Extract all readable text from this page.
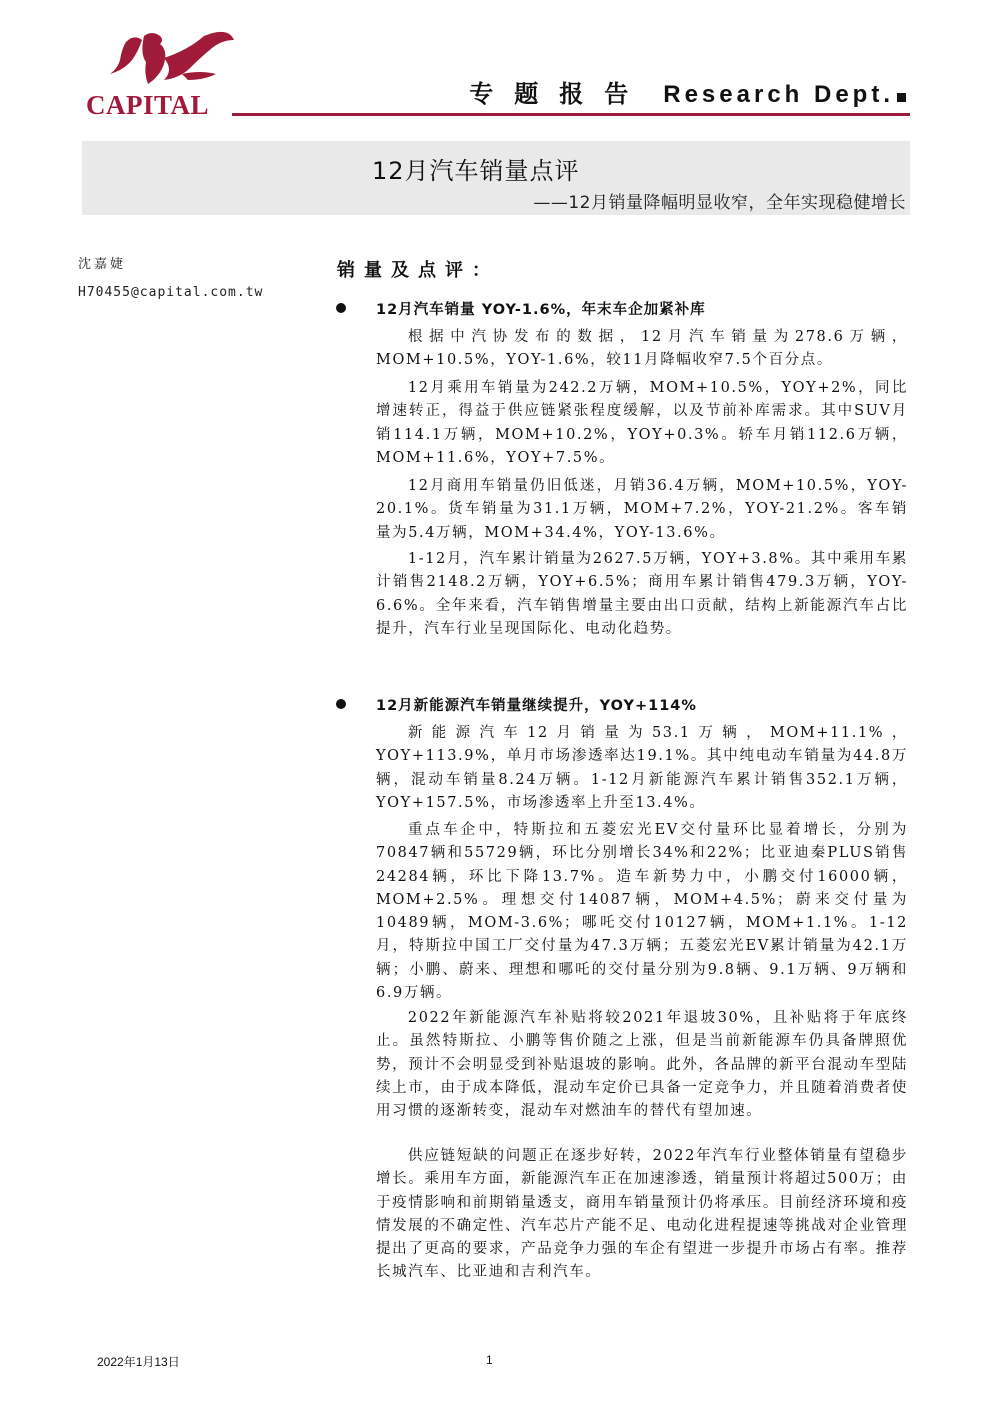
CAPITAL	专题报告 Research Dept.
12月汽车销量点评
——12月销量降幅明显收窄，全年实现稳健增长
沈嘉婕
H70455@capital.com.tw
销量及点评：
12月汽车销量 YOY-1.6%，年末车企加紧补库

根据中汽协发布的数据，12月汽车销量为278.6万辆，MOM+10.5%，YOY-1.6%，较11月降幅收窄7.5个百分点。

12月乘用车销量为242.2万辆，MOM+10.5%，YOY+2%，同比增速转正，得益于供应链紧张程度缓解，以及节前补库需求。其中SUV月销114.1万辆，MOM+10.2%，YOY+0.3%。轿车月销112.6万辆，MOM+11.6%，YOY+7.5%。

12月商用车销量仍旧低迷，月销36.4万辆，MOM+10.5%，YOY-20.1%。货车销量为31.1万辆，MOM+7.2%，YOY-21.2%。客车销量为5.4万辆，MOM+34.4%，YOY-13.6%。

1-12月，汽车累计销量为2627.5万辆，YOY+3.8%。其中乘用车累计销售2148.2万辆，YOY+6.5%；商用车累计销售479.3万辆，YOY-6.6%。全年来看，汽车销售增量主要由出口贡献，结构上新能源汽车占比提升，汽车行业呈现国际化、电动化趋势。

12月新能源汽车销量继续提升，YOY+114%

新能源汽车12月销量为53.1万辆，MOM+11.1%，YOY+113.9%，单月市场渗透率达19.1%。其中纯电动车销量为44.8万辆，混动车销量8.24万辆。1-12月新能源汽车累计销售352.1万辆，YOY+157.5%，市场渗透率上升至13.4%。

重点车企中，特斯拉和五菱宏光EV交付量环比显着增长，分别为70847辆和55729辆，环比分别增长34%和22%；比亚迪秦PLUS销售24284辆，环比下降13.7%。造车新势力中，小鹏交付16000辆，MOM+2.5%。理想交付14087辆，MOM+4.5%；蔚来交付量为10489辆，MOM-3.6%；哪吒交付10127辆，MOM+1.1%。1-12月，特斯拉中国工厂交付量为47.3万辆；五菱宏光EV累计销量为42.1万辆；小鹏、蔚来、理想和哪吒的交付量分别为9.8辆、9.1万辆、9万辆和6.9万辆。

2022年新能源汽车补贴将较2021年退坡30%，且补贴将于年底终止。虽然特斯拉、小鹏等售价随之上涨，但是当前新能源车仍具备牌照优势，预计不会明显受到补贴退坡的影响。此外，各品牌的新平台混动车型陆续上市，由于成本降低，混动车定价已具备一定竞争力，并且随着消费者使用习惯的逐渐转变，混动车对燃油车的替代有望加速。

供应链短缺的问题正在逐步好转，2022年汽车行业整体销量有望稳步增长。乘用车方面，新能源汽车正在加速渗透，销量预计将超过500万；由于疫情影响和前期销量透支，商用车销量预计仍将承压。目前经济环境和疫情发展的不确定性、汽车芯片产能不足、电动化进程提速等挑战对企业管理提出了更高的要求，产品竞争力强的车企有望进一步提升市场占有率。推荐长城汽车、比亚迪和吉利汽车。

2022年1月13日	1
